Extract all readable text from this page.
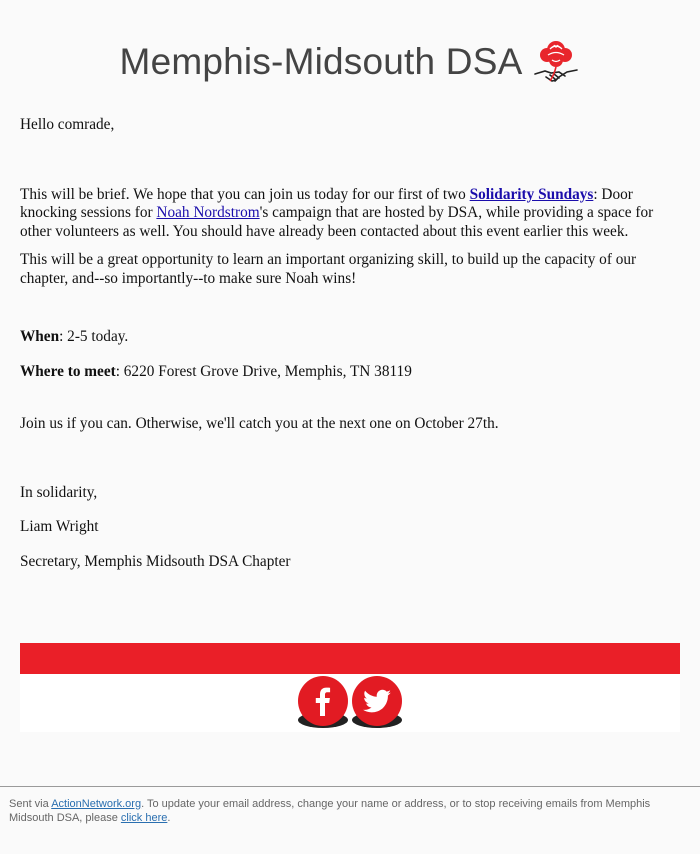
Memphis-Midsouth DSA

Hello comrade,

This will be brief. We hope that you can join us today for our first of two Solidarity Sundays: Door knocking sessions for Noah Nordstrom's campaign that are hosted by DSA, while providing a space for other volunteers as well. You should have already been contacted about this event earlier this week.

This will be a great opportunity to learn an important organizing skill, to build up the capacity of our chapter, and--so importantly--to make sure Noah wins!

When: 2-5 today.

Where to meet: 6220 Forest Grove Drive, Memphis, TN 38119

Join us if you can. Otherwise, we'll catch you at the next one on October 27th.

In solidarity,

Liam Wright

Secretary, Memphis Midsouth DSA Chapter

Sent via ActionNetwork.org. To update your email address, change your name or address, or to stop receiving emails from Memphis Midsouth DSA, please click here.
